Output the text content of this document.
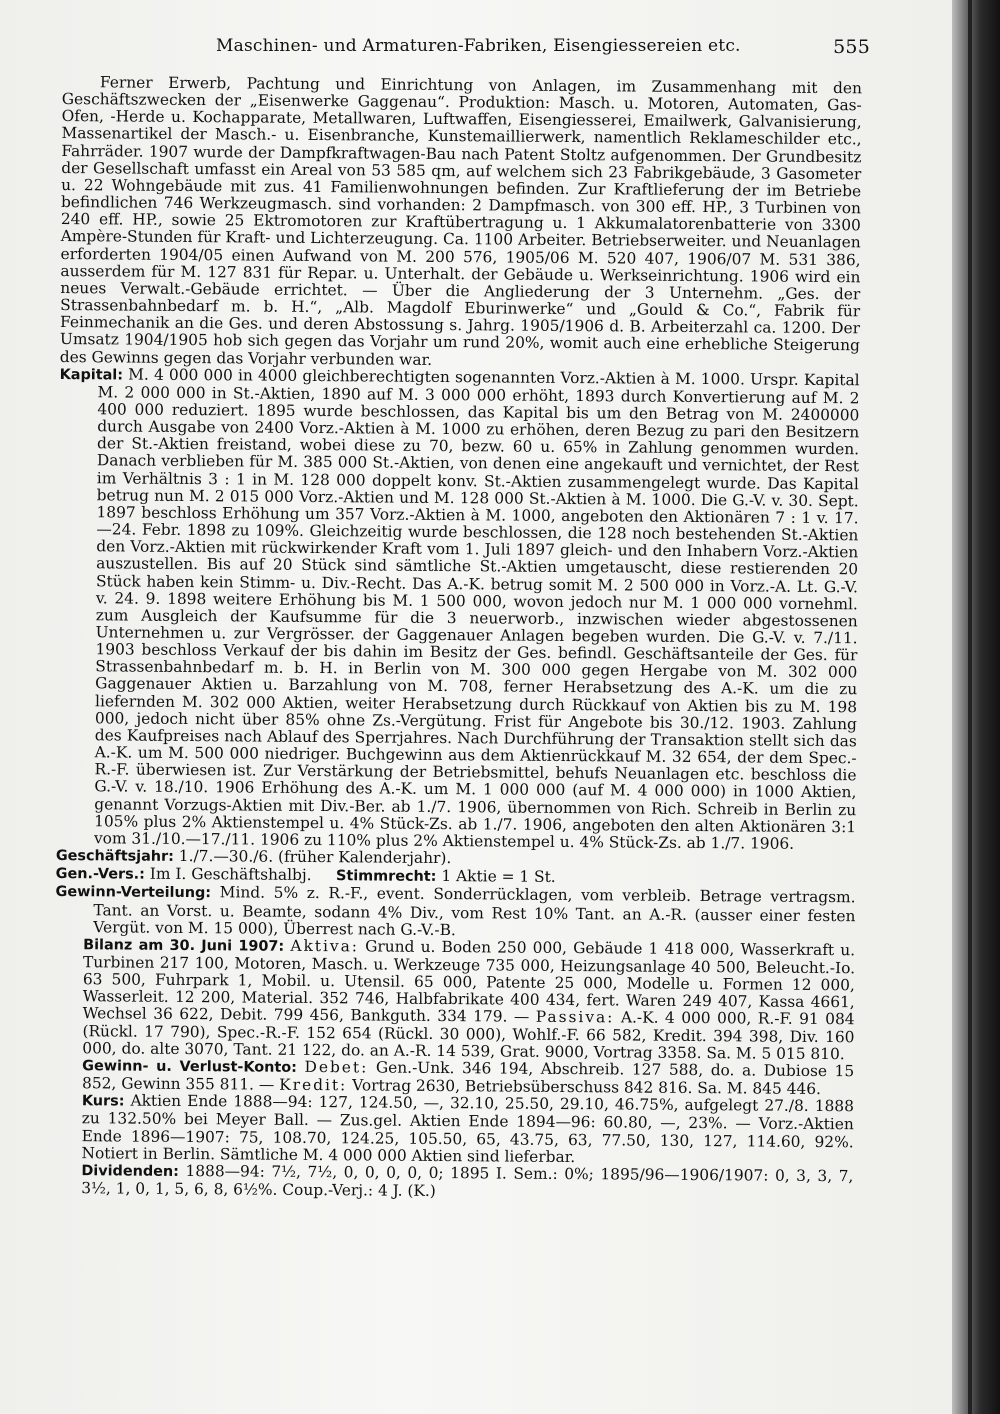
Maschinen- und Armaturen-Fabriken, Eisengiessereien etc.	555

Ferner Erwerb, Pachtung und Einrichtung von Anlagen, im Zusammenhang mit den Geschäftszwecken der „Eisenwerke Gaggenau“. Produktion: Masch. u. Motoren, Automaten, Gas-Ofen, -Herde u. Kochapparate, Metallwaren, Luftwaffen, Eisengiesserei, Emailwerk, Galvanisierung, Massenartikel der Masch.- u. Eisenbranche, Kunstemaillierwerk, namentlich Reklameschilder etc., Fahrräder. 1907 wurde der Dampfkraftwagen-Bau nach Patent Stoltz aufgenommen. Der Grundbesitz der Gesellschaft umfasst ein Areal von 53 585 qm, auf welchem sich 23 Fabrikgebäude, 3 Gasometer u. 22 Wohngebäude mit zus. 41 Familienwohnungen befinden. Zur Kraftlieferung der im Betriebe befindlichen 746 Werkzeugmasch. sind vorhanden: 2 Dampfmasch. von 300 eff. HP., 3 Turbinen von 240 eff. HP., sowie 25 Ektromotoren zur Kraftübertragung u. 1 Akkumalatorenbatterie von 3300 Ampère-Stunden für Kraft- und Lichterzeugung. Ca. 1100 Arbeiter. Betriebserweiter. und Neuanlagen erforderten 1904/05 einen Aufwand von M. 200 576, 1905/06 M. 520 407, 1906/07 M. 531 386, ausserdem für M. 127 831 für Repar. u. Unterhalt. der Gebäude u. Werkseinrichtung. 1906 wird ein neues Verwalt.-Gebäude errichtet. — Über die Angliederung der 3 Unternehm. „Ges. der Strassenbahnbedarf m. b. H.“, „Alb. Magdolf Eburinwerke“ und „Gould & Co.“, Fabrik für Feinmechanik an die Ges. und deren Abstossung s. Jahrg. 1905/1906 d. B. Arbeiterzahl ca. 1200. Der Umsatz 1904/1905 hob sich gegen das Vorjahr um rund 20%, womit auch eine erhebliche Steigerung des Gewinns gegen das Vorjahr verbunden war.

Kapital: M. 4 000 000 in 4000 gleichberechtigten sogenannten Vorz.-Aktien à M. 1000. Urspr. Kapital M. 2 000 000 in St.-Aktien, 1890 auf M. 3 000 000 erhöht, 1893 durch Konvertierung auf M. 2 400 000 reduziert. 1895 wurde beschlossen, das Kapital bis um den Betrag von M. 2400000 durch Ausgabe von 2400 Vorz.-Aktien à M. 1000 zu erhöhen, deren Bezug zu pari den Besitzern der St.-Aktien freistand, wobei diese zu 70, bezw. 60 u. 65% in Zahlung genommen wurden. Danach verblieben für M. 385 000 St.-Aktien, von denen eine angekauft und vernichtet, der Rest im Verhältnis 3 : 1 in M. 128 000 doppelt konv. St.-Aktien zusammengelegt wurde. Das Kapital betrug nun M. 2 015 000 Vorz.-Aktien und M. 128 000 St.-Aktien à M. 1000. Die G.-V. v. 30. Sept. 1897 beschloss Erhöhung um 357 Vorz.-Aktien à M. 1000, angeboten den Aktionären 7 : 1 v. 17.—24. Febr. 1898 zu 109%. Gleichzeitig wurde beschlossen, die 128 noch bestehenden St.-Aktien den Vorz.-Aktien mit rückwirkender Kraft vom 1. Juli 1897 gleich- und den Inhabern Vorz.-Aktien auszustellen. Bis auf 20 Stück sind sämtliche St.-Aktien umgetauscht, diese restierenden 20 Stück haben kein Stimm- u. Div.-Recht. Das A.-K. betrug somit M. 2 500 000 in Vorz.-A. Lt. G.-V. v. 24. 9. 1898 weitere Erhöhung bis M. 1 500 000, wovon jedoch nur M. 1 000 000 vornehml. zum Ausgleich der Kaufsumme für die 3 neuerworb., inzwischen wieder abgestossenen Unternehmen u. zur Vergrösser. der Gaggenauer Anlagen begeben wurden. Die G.-V. v. 7./11. 1903 beschloss Verkauf der bis dahin im Besitz der Ges. befindl. Geschäftsanteile der Ges. für Strassenbahnbedarf m. b. H. in Berlin von M. 300 000 gegen Hergabe von M. 302 000 Gaggenauer Aktien u. Barzahlung von M. 708, ferner Herabsetzung des A.-K. um die zu liefernden M. 302 000 Aktien, weiter Herabsetzung durch Rückkauf von Aktien bis zu M. 198 000, jedoch nicht über 85% ohne Zs.-Vergütung. Frist für Angebote bis 30./12. 1903. Zahlung des Kaufpreises nach Ablauf des Sperrjahres. Nach Durchführung der Transaktion stellt sich das A.-K. um M. 500 000 niedriger. Buchgewinn aus dem Aktienrückkauf M. 32 654, der dem Spec.-R.-F. überwiesen ist. Zur Verstärkung der Betriebsmittel, behufs Neuanlagen etc. beschloss die G.-V. v. 18./10. 1906 Erhöhung des A.-K. um M. 1 000 000 (auf M. 4 000 000) in 1000 Aktien, genannt Vorzugs-Aktien mit Div.-Ber. ab 1./7. 1906, übernommen von Rich. Schreib in Berlin zu 105% plus 2% Aktienstempel u. 4% Stück-Zs. ab 1./7. 1906, angeboten den alten Aktionären 3:1 vom 31./10.—17./11. 1906 zu 110% plus 2% Aktienstempel u. 4% Stück-Zs. ab 1./7. 1906.

Geschäftsjahr: 1./7.—30./6. (früher Kalenderjahr).

Gen.-Vers.: Im I. Geschäftshalbj. Stimmrecht: 1 Aktie = 1 St.

Gewinn-Verteilung: Mind. 5% z. R.-F., event. Sonderrücklagen, vom verbleib. Betrage vertragsm. Tant. an Vorst. u. Beamte, sodann 4% Div., vom Rest 10% Tant. an A.-R. (ausser einer festen Vergüt. von M. 15 000), Überrest nach G.-V.-B.

Bilanz am 30. Juni 1907: Aktiva: Grund u. Boden 250 000, Gebäude 1 418 000, Wasserkraft u. Turbinen 217 100, Motoren, Masch. u. Werkzeuge 735 000, Heizungsanlage 40 500, Beleucht.-Io. 63 500, Fuhrpark 1, Mobil. u. Utensil. 65 000, Patente 25 000, Modelle u. Formen 12 000, Wasserleit. 12 200, Material. 352 746, Halbfabrikate 400 434, fert. Waren 249 407, Kassa 4661, Wechsel 36 622, Debit. 799 456, Bankguth. 334 179. — Passiva: A.-K. 4 000 000, R.-F. 91 084 (Rückl. 17 790), Spec.-R.-F. 152 654 (Rückl. 30 000), Wohlf.-F. 66 582, Kredit. 394 398, Div. 160 000, do. alte 3070, Tant. 21 122, do. an A.-R. 14 539, Grat. 9000, Vortrag 3358. Sa. M. 5 015 810.

Gewinn- u. Verlust-Konto: Debet: Gen.-Unk. 346 194, Abschreib. 127 588, do. a. Dubiose 15 852, Gewinn 355 811. — Kredit: Vortrag 2630, Betriebsüberschuss 842 816. Sa. M. 845 446.

Kurs: Aktien Ende 1888—94: 127, 124.50, —, 32.10, 25.50, 29.10, 46.75%, aufgelegt 27./8. 1888 zu 132.50% bei Meyer Ball. — Zus.gel. Aktien Ende 1894—96: 60.80, —, 23%. — Vorz.-Aktien Ende 1896—1907: 75, 108.70, 124.25, 105.50, 65, 43.75, 63, 77.50, 130, 127, 114.60, 92%. Notiert in Berlin. Sämtliche M. 4 000 000 Aktien sind lieferbar.

Dividenden: 1888—94: 7½, 7½, 0, 0, 0, 0, 0; 1895 I. Sem.: 0%; 1895/96—1906/1907: 0, 3, 3, 7, 3½, 1, 0, 1, 5, 6, 8, 6½%. Coup.-Verj.: 4 J. (K.)
